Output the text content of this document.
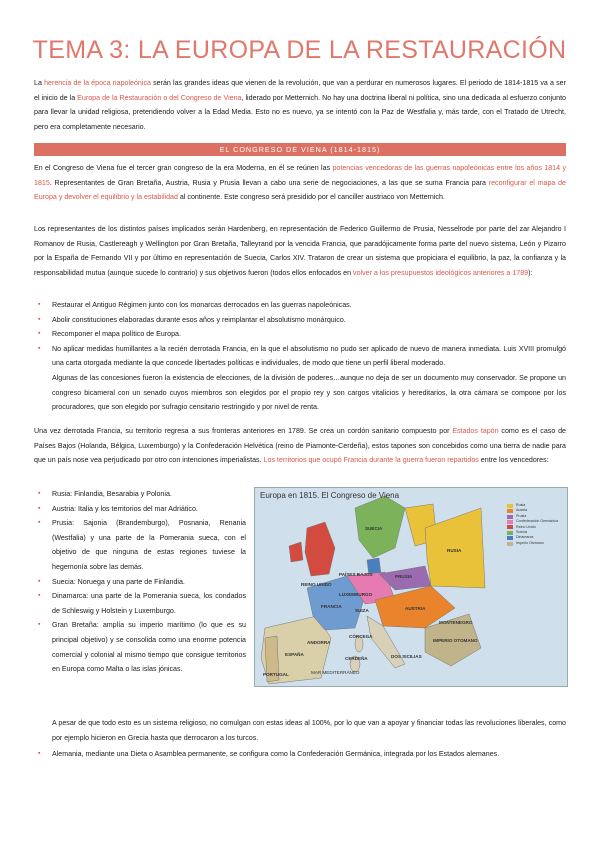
TEMA 3: LA EUROPA DE LA RESTAURACIÓN

La herencia de la época napoleónica serán las grandes ideas que vienen de la revolución, que van a perdurar en numerosos lugares. El periodo de 1814-1815 va a ser el inicio de la Europa de la Restauración o del Congreso de Viena, liderado por Metternich. No hay una doctrina liberal ni política, sino una dedicada al esfuerzo conjunto para llevar la unidad religiosa, pretendiendo volver a la Edad Media. Esto no es nuevo, ya se intentó con la Paz de Westfalia y, más tarde, con el Tratado de Utrecht, pero era completamente necesario.

EL CONGRESO DE VIENA (1814-1815)

En el Congreso de Viena fue el tercer gran congreso de la era Moderna, en él se reúnen las potencias vencedoras de las guerras napoleónicas entre los años 1814 y 1815. Representantes de Gran Bretaña, Austria, Rusia y Prusia llevan a cabo una serie de negociaciones, a las que se suma Francia para reconfigurar el mapa de Europa y devolver el equilibrio y la estabilidad al continente. Este congreso será presidido por el canciller austriaco von Metternich.

Los representantes de los distintos países implicados serán Hardenberg, en representación de Federico Guillermo de Prusia, Nesselrode por parte del zar Alejandro I Romanov de Rusia, Castlereagh y Wellington por Gran Bretaña, Talleyrand por la vencida Francia, que paradójicamente forma parte del nuevo sistema, León y Pizarro por la España de Fernando VII y por último en representación de Suecia, Carlos XIV. Trataron de crear un sistema que propiciara el equilibrio, la paz, la confianza y la responsabilidad mutua (aunque sucede lo contrario) y sus objetivos fueron (todos ellos enfocados en volver a los presupuestos ideológicos anteriores a 1789):

▪ Restaurar el Antiguo Régimen junto con los monarcas derrocados en las guerras napoleónicas.
▪ Abolir constituciones elaboradas durante esos años y reimplantar el absolutismo monárquico.
▪ Recomponer el mapa político de Europa.
▪ No aplicar medidas humillantes a la recién derrotada Francia, en la que el absolutismo no pudo ser aplicado de nuevo de manera inmediata. Luis XVIII promulgó una carta otorgada mediante la que concede libertades políticas e individuales, de modo que tiene un perfil liberal moderado.
Algunas de las concesiones fueron la existencia de elecciones, de la división de poderes…aunque no deja de ser un documento muy conservador. Se propone un congreso bicameral con un senado cuyos miembros son elegidos por el propio rey y son cargos vitalicios y hereditarios, la otra cámara se compone por los procuradores, que son elegido por sufragio censitario restringido y por nivel de renta.

Una vez derrotada Francia, su territorio regresa a sus fronteras anteriores en 1789. Se crea un cordón sanitario compuesto por Estados tapón como es el caso de Países Bajos (Holanda, Bélgica, Luxemburgo) y la Confederación Helvética (reino de Piamonte-Cerdeña), estos tapones son concebidos como una tierra de nadie para que un país nose vea perjudicado por otro con intenciones imperialistas. Los territorios que ocupó Francia durante la guerra fueron repartidos entre los vencedores:

▪ Rusia: Finlandia, Besarabia y Polonia.
▪ Austria: Italia y los territorios del mar Adriático.
▪ Prusia: Sajonia (Brandemburgo), Posnania, Renania (Westfalia) y una parte de la Pomerania sueca, con el objetivo de que ninguna de estas regiones tuviese la hegemonía sobre las demás.
▪ Suecia: Noruega y una parte de Finlandia.
▪ Dinamarca: una parte de la Pomerania sueca, los condados de Schleswig y Holstein y Luxemburgo.
▪ Gran Bretaña: amplía su imperio marítimo (lo que es su principal objetivo) y se consolida como una enorme potencia comercial y colonial al mismo tiempo que consigue territorios en Europa como Malta o las islas jónicas.

A pesar de que todo esto es un sistema religioso, no comulgan con estas ideas al 100%, por lo que van a apoyar y financiar todas las revoluciones liberales, como por ejemplo hicieron en Grecia hasta que derrocaron a los turcos.

▪ Alemania, mediante una Dieta o Asamblea permanente, se configura como la Confederación Germánica, integrada por los Estados alemanes.
Europa en 1815. El Congreso de Viena
Rusia
Austria
Prusia
Confederación Germánica
Reino Unido
Suecia
Dinamarca
Imperio Otomano
REINO UNIDO
FRANCIA
ESPAÑA
PORTUGAL
RUSIA
PRUSIA
AUSTRIA
SUIZA
SUECIA
IMPERIO OTOMANO
MAR MEDITERRÁNEO
MONTENEGRO
ANDORRA
CÓRCEGA
CERDEÑA	DOS SICILIAS
PAÍSES BAJOS
LUXEMBURGO
